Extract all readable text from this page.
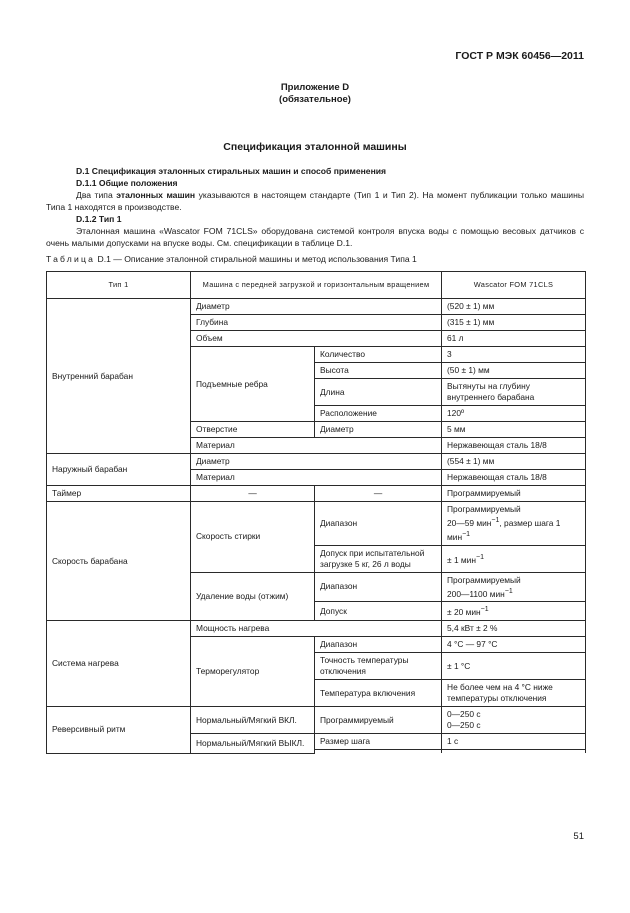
ГОСТ Р МЭК 60456—2011
Приложение D
(обязательное)
Спецификация эталонной машины

D.1 Спецификация эталонных стиральных машин и способ применения

D.1.1 Общие положения

Два типа эталонных машин указываются в настоящем стандарте (Тип 1 и Тип 2). На момент публикации только машины Типа 1 находятся в производстве.

D.1.2 Тип 1

Эталонная машина «Wascator FOM 71CLS» оборудована системой контроля впуска воды с помощью весовых датчиков с очень малыми допусками на впуске воды. См. спецификации в таблице D.1.

Таблица D.1 — Описание эталонной стиральной машины и метод использования Типа 1
Тип 1	Машина с передней загрузкой и горизонтальным вращением		Wascator FOM 71CLS
Внутренний барабан	Диаметр		(520 ± 1) мм
	Глубина		(315 ± 1) мм
	Объем		61 л
	Подъемные ребра	Количество	3
		Высота	(50 ± 1) мм
		Длина	Вытянуты на глубину внутреннего барабана
		Расположение	120º
	Отверстие	Диаметр	5 мм
	Материал		Нержавеющая сталь 18/8
Наружный барабан	Диаметр		(554 ± 1) мм
	Материал		Нержавеющая сталь 18/8
Таймер	—	—	Программируемый
Скорость барабана	Скорость стирки	Диапазон	Программируемый
20—59 мин$^{-1}$, размер шага 1 мин$^{-1}$
		Допуск при испытательной загрузке 5 кг, 26 л воды	± 1 мин$^{-1}$
	Удаление воды (отжим)	Диапазон	Программируемый
200—1100 мин$^{-1}$
		Допуск	± 20 мин$^{-1}$
Система нагрева	Мощность нагрева		5,4 кВт ± 2 %
	Терморегулятор	Диапазон	4 °С — 97 °С
		Точность температуры отключения	± 1 °С
		Температура включения	Не более чем на 4 °С ниже температуры отключения
Реверсивный ритм	Нормальный/Мягкий ВКЛ.	Программируемый	0—250 с
0—250 с
	Нормальный/Мягкий ВЫКЛ.	Размер шага	1 с

51
